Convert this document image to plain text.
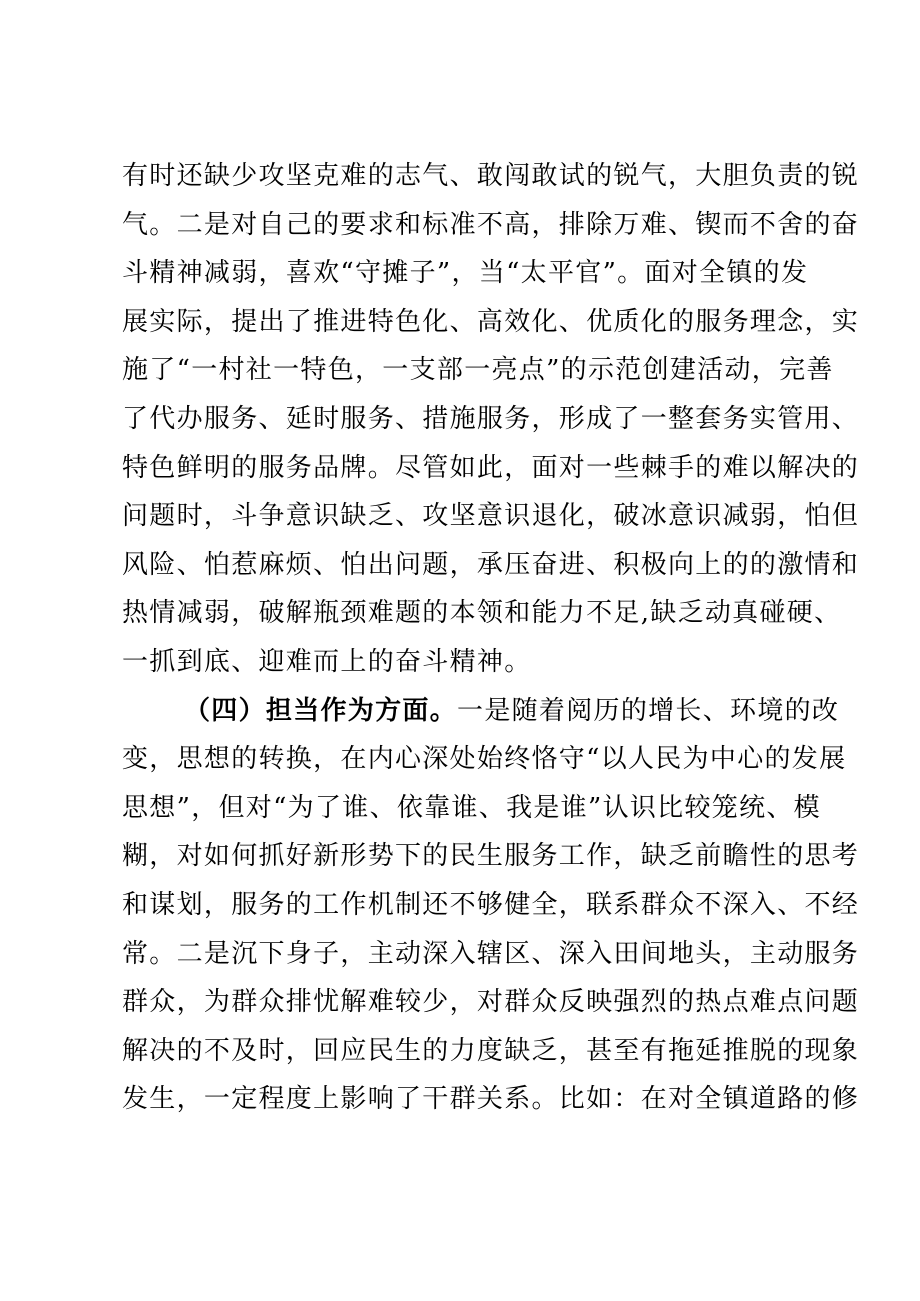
有时还缺少攻坚克难的志气、敢闯敢试的锐气，大胆负责的锐
气。二是对自己的要求和标准不高，排除万难、锲而不舍的奋
斗精神减弱，喜欢“守摊子”，当“太平官”。面对全镇的发
展实际，提出了推进特色化、高效化、优质化的服务理念，实
施了“一村社一特色，一支部一亮点”的示范创建活动，完善
了代办服务、延时服务、措施服务，形成了一整套务实管用、
特色鲜明的服务品牌。尽管如此，面对一些棘手的难以解决的
问题时，斗争意识缺乏、攻坚意识退化，破冰意识减弱，怕但
风险、怕惹麻烦、怕出问题，承压奋进、积极向上的的激情和
热情减弱，破解瓶颈难题的本领和能力不足,缺乏动真碰硬、
一抓到底、迎难而上的奋斗精神。
（四）担当作为方面。一是随着阅历的增长、环境的改
变，思想的转换，在内心深处始终恪守“以人民为中心的发展
思想”，但对“为了谁、依靠谁、我是谁”认识比较笼统、模
糊，对如何抓好新形势下的民生服务工作，缺乏前瞻性的思考
和谋划，服务的工作机制还不够健全，联系群众不深入、不经
常。二是沉下身子，主动深入辖区、深入田间地头，主动服务
群众，为群众排忧解难较少，对群众反映强烈的热点难点问题
解决的不及时，回应民生的力度缺乏，甚至有拖延推脱的现象
发生，一定程度上影响了干群关系。比如：在对全镇道路的修
